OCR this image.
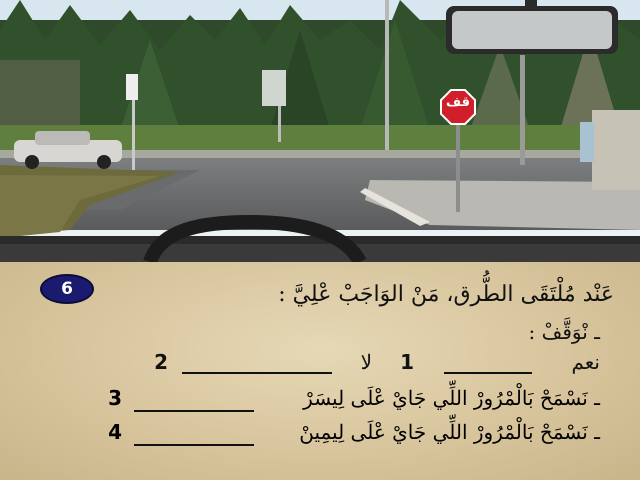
قف
6	عَنْد مُلْتَقَى الطُّرق، مَنْ الوَاجَبْ عْلِيَّ :
ـ نْوَقَّفْ :
نعم
1
لا
2
ـ نَسْمَحْ بَالْمْرُورْ اللِّي جَايْ عْلَى لِيسَرْ
3
ـ نَسْمَحْ بَالْمْرُورْ اللِّي جَايْ عْلَى لِيمِينْ
4
